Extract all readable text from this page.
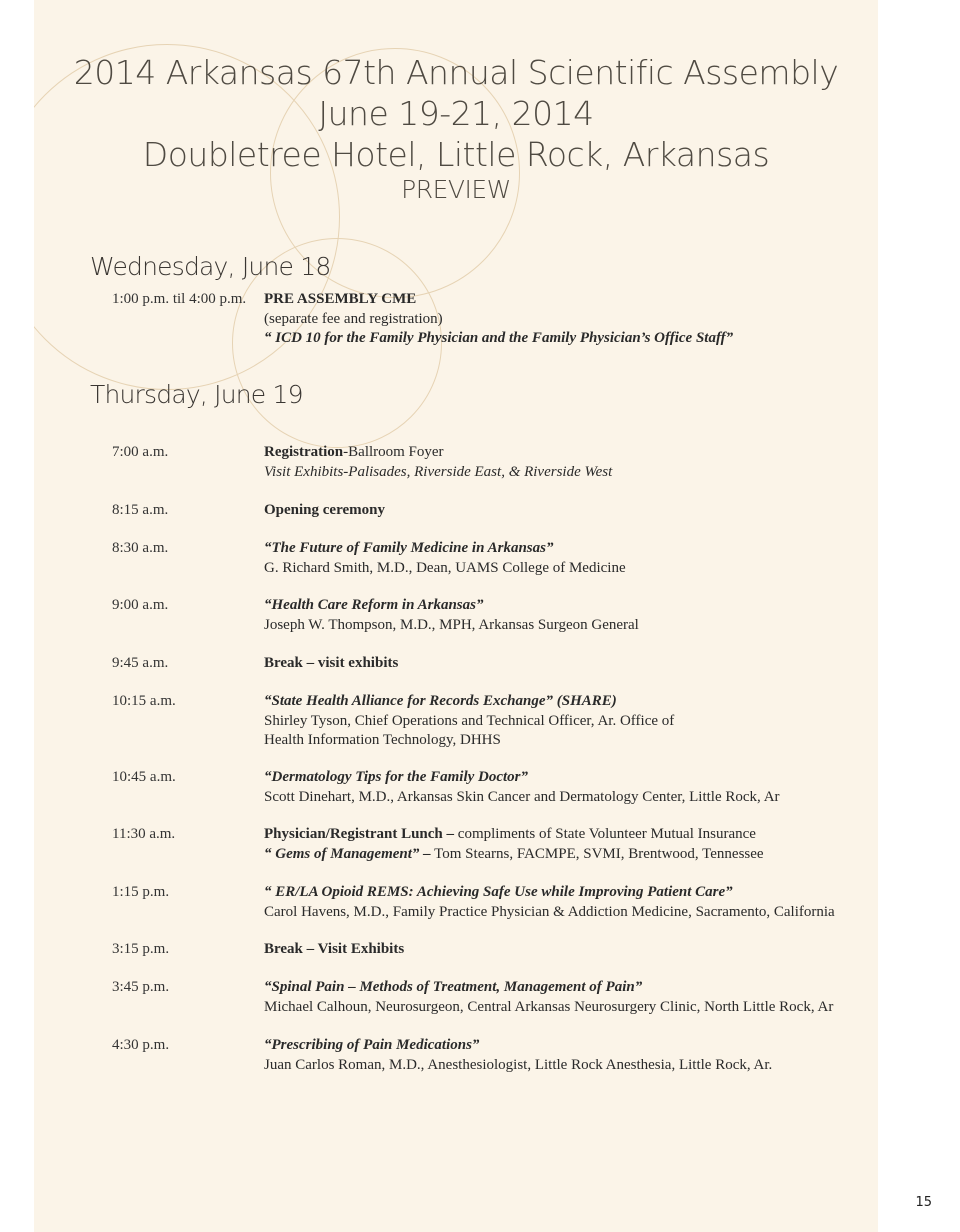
2014 Arkansas 67th Annual Scientific Assembly
June 19-21, 2014
Doubletree Hotel, Little Rock, Arkansas
PREVIEW
Wednesday, June 18
1:00 p.m. til 4:00 p.m. PRE ASSEMBLY CME
(separate fee and registration)
“ ICD 10 for the Family Physician and the Family Physician’s Office Staff”
Thursday, June 19
7:00 a.m.	Registration-Ballroom Foyer
Visit Exhibits-Palisades, Riverside East, & Riverside West
8:15 a.m.	Opening ceremony
8:30 a.m.	“The Future of Family Medicine in Arkansas”
G. Richard Smith, M.D., Dean, UAMS College of Medicine
9:00 a.m.	“Health Care Reform in Arkansas”
Joseph W. Thompson, M.D., MPH, Arkansas Surgeon General
9:45 a.m.	Break – visit exhibits
10:15 a.m.	“State Health Alliance for Records Exchange” (SHARE)
Shirley Tyson, Chief Operations and Technical Officer, Ar. Office of
Health Information Technology, DHHS
10:45 a.m.	“Dermatology Tips for the Family Doctor”
Scott Dinehart, M.D., Arkansas Skin Cancer and Dermatology Center, Little Rock, Ar
11:30 a.m.	Physician/Registrant Lunch – compliments of State Volunteer Mutual Insurance
“ Gems of Management” – Tom Stearns, FACMPE, SVMI, Brentwood, Tennessee
1:15 p.m.	“ ER/LA Opioid REMS: Achieving Safe Use while Improving Patient Care”
Carol Havens, M.D., Family Practice Physician & Addiction Medicine, Sacramento, California
3:15 p.m.	Break – Visit Exhibits
3:45 p.m.	“Spinal Pain – Methods of Treatment, Management of Pain”
Michael Calhoun, Neurosurgeon, Central Arkansas Neurosurgery Clinic, North Little Rock, Ar
4:30 p.m.	“Prescribing of Pain Medications”
Juan Carlos Roman, M.D., Anesthesiologist, Little Rock Anesthesia, Little Rock, Ar.
15
